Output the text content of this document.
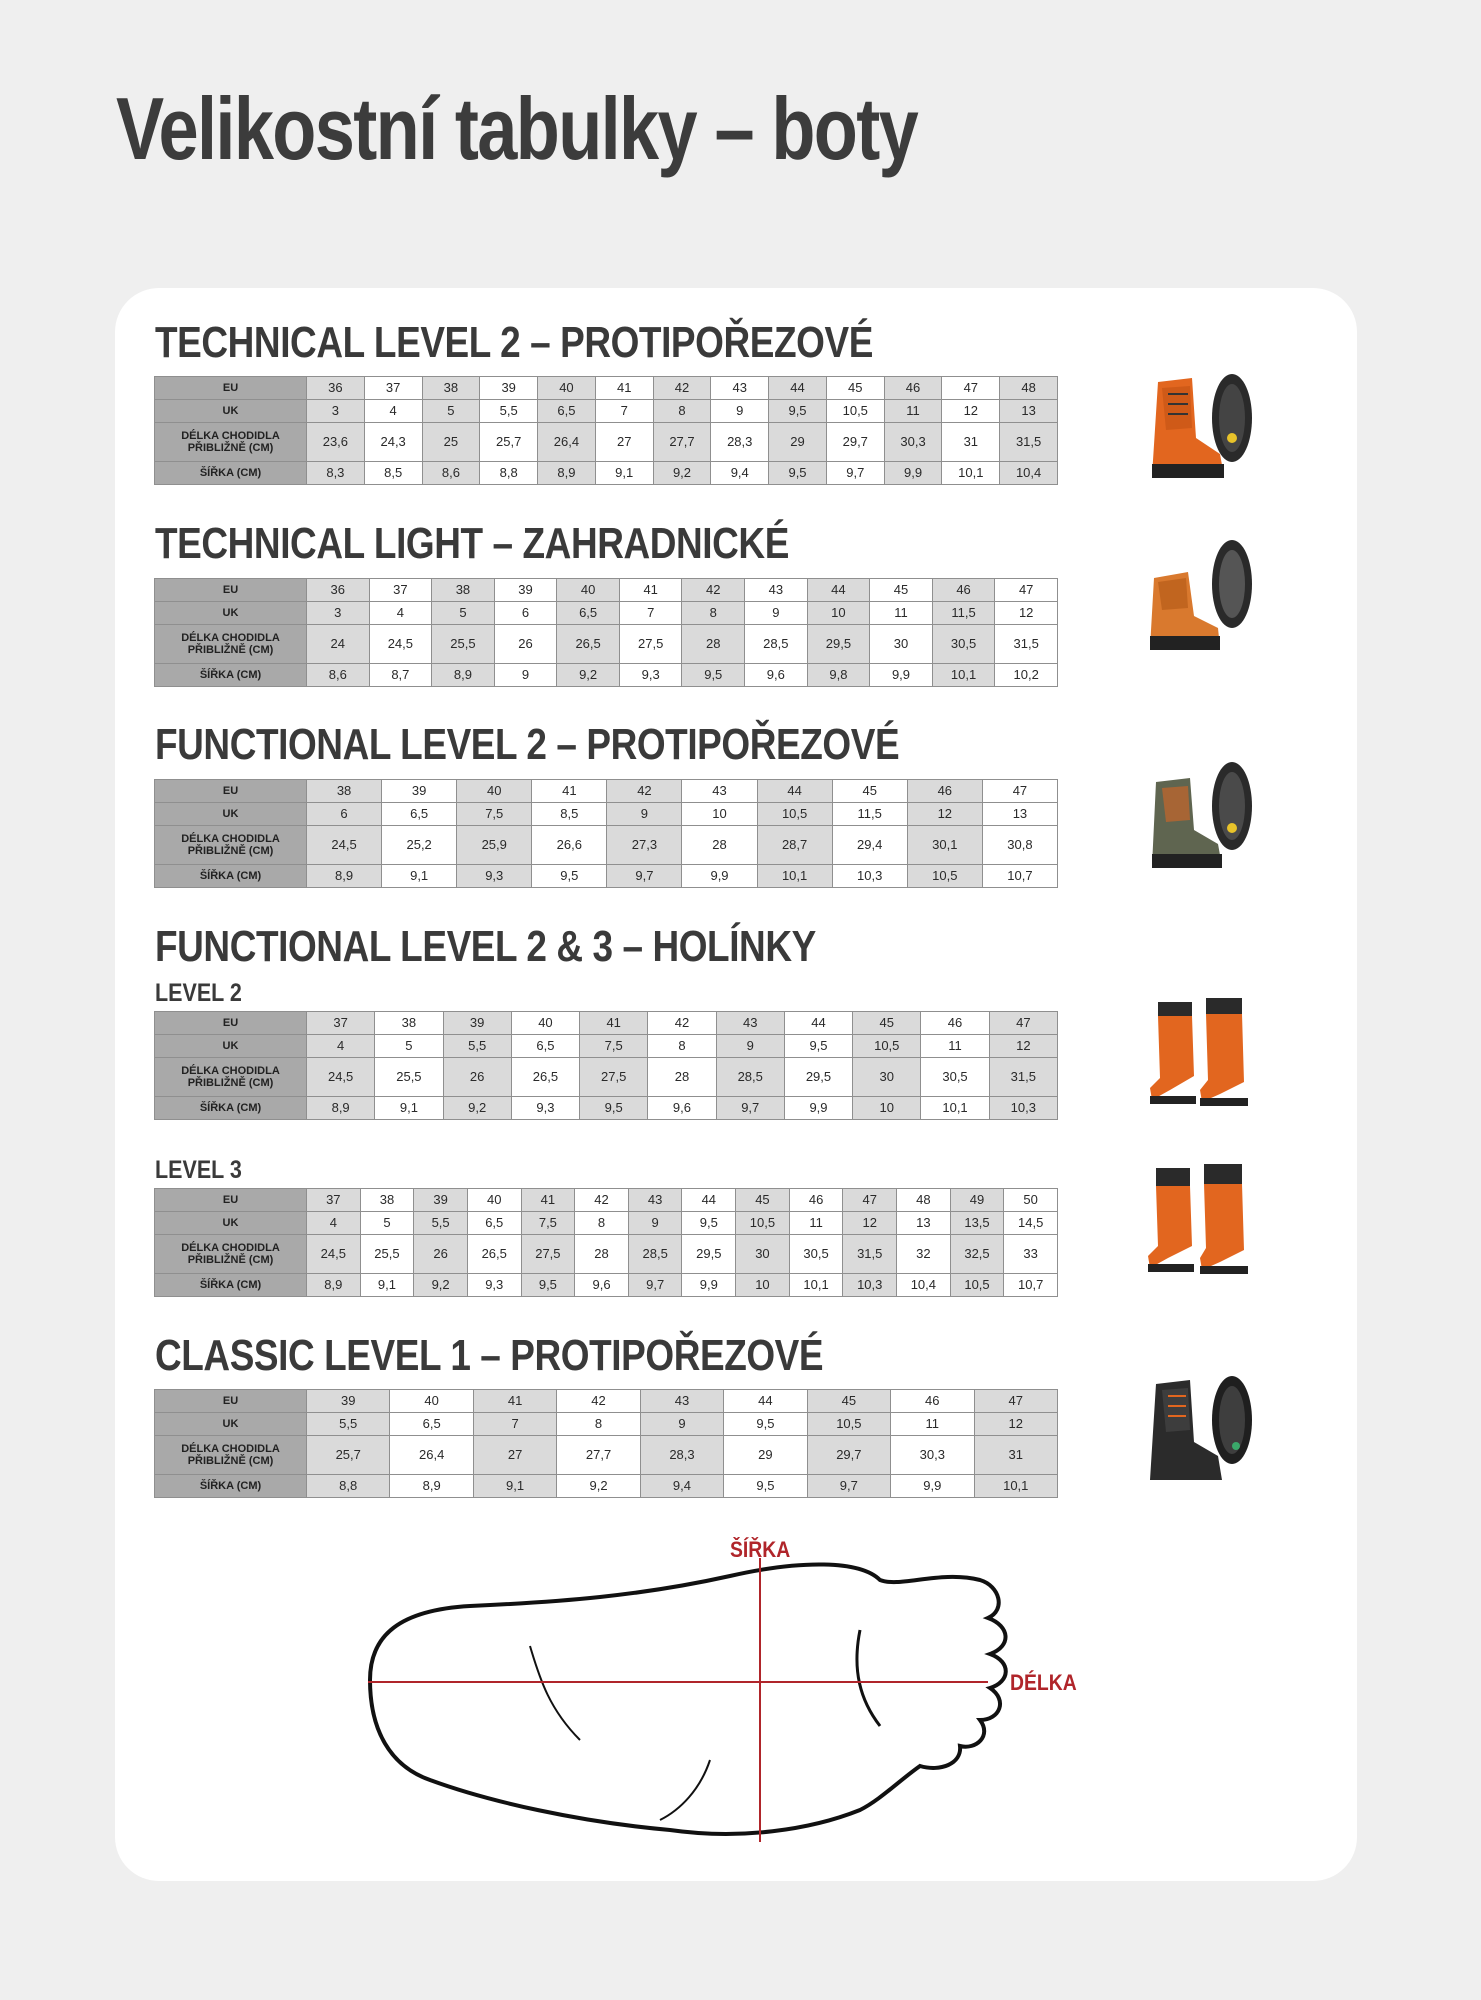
Velikostní tabulky – boty
TECHNICAL LEVEL 2 – PROTIPOŘEZOVÉ
EU	36	37	38	39	40	41	42	43	44	45	46	47	48

UK	3	4	5	5,5	6,5	7	8	9	9,5	10,5	11	12	13

DÉLKA CHODIDLA
PŘIBLIŽNĚ (CM)	23,6	24,3	25	25,7	26,4	27	27,7	28,3	29	29,7	30,3	31	31,5

ŠÍŘKA (CM)	8,3	8,5	8,6	8,8	8,9	9,1	9,2	9,4	9,5	9,7	9,9	10,1	10,4
TECHNICAL LIGHT – ZAHRADNICKÉ
EU	36	37	38	39	40	41	42	43	44	45	46	47

UK	3	4	5	6	6,5	7	8	9	10	11	11,5	12

DÉLKA CHODIDLA
PŘIBLIŽNĚ (CM)	24	24,5	25,5	26	26,5	27,5	28	28,5	29,5	30	30,5	31,5

ŠÍŘKA (CM)	8,6	8,7	8,9	9	9,2	9,3	9,5	9,6	9,8	9,9	10,1	10,2
FUNCTIONAL LEVEL 2 – PROTIPOŘEZOVÉ
EU	38	39	40	41	42	43	44	45	46	47

UK	6	6,5	7,5	8,5	9	10	10,5	11,5	12	13

DÉLKA CHODIDLA
PŘIBLIŽNĚ (CM)	24,5	25,2	25,9	26,6	27,3	28	28,7	29,4	30,1	30,8

ŠÍŘKA (CM)	8,9	9,1	9,3	9,5	9,7	9,9	10,1	10,3	10,5	10,7
FUNCTIONAL LEVEL 2 & 3 – HOLÍNKY
LEVEL 2
EU	37	38	39	40	41	42	43	44	45	46	47

UK	4	5	5,5	6,5	7,5	8	9	9,5	10,5	11	12

DÉLKA CHODIDLA
PŘIBLIŽNĚ (CM)	24,5	25,5	26	26,5	27,5	28	28,5	29,5	30	30,5	31,5

ŠÍŘKA (CM)	8,9	9,1	9,2	9,3	9,5	9,6	9,7	9,9	10	10,1	10,3
LEVEL 3
EU	37	38	39	40	41	42	43	44	45	46	47	48	49	50

UK	4	5	5,5	6,5	7,5	8	9	9,5	10,5	11	12	13	13,5	14,5

DÉLKA CHODIDLA
PŘIBLIŽNĚ (CM)	24,5	25,5	26	26,5	27,5	28	28,5	29,5	30	30,5	31,5	32	32,5	33

ŠÍŘKA (CM)	8,9	9,1	9,2	9,3	9,5	9,6	9,7	9,9	10	10,1	10,3	10,4	10,5	10,7
CLASSIC LEVEL 1 – PROTIPOŘEZOVÉ
EU	39	40	41	42	43	44	45	46	47

UK	5,5	6,5	7	8	9	9,5	10,5	11	12

DÉLKA CHODIDLA
PŘIBLIŽNĚ (CM)	25,7	26,4	27	27,7	28,3	29	29,7	30,3	31

ŠÍŘKA (CM)	8,8	8,9	9,1	9,2	9,4	9,5	9,7	9,9	10,1
ŠÍŘKA
DÉLKA
